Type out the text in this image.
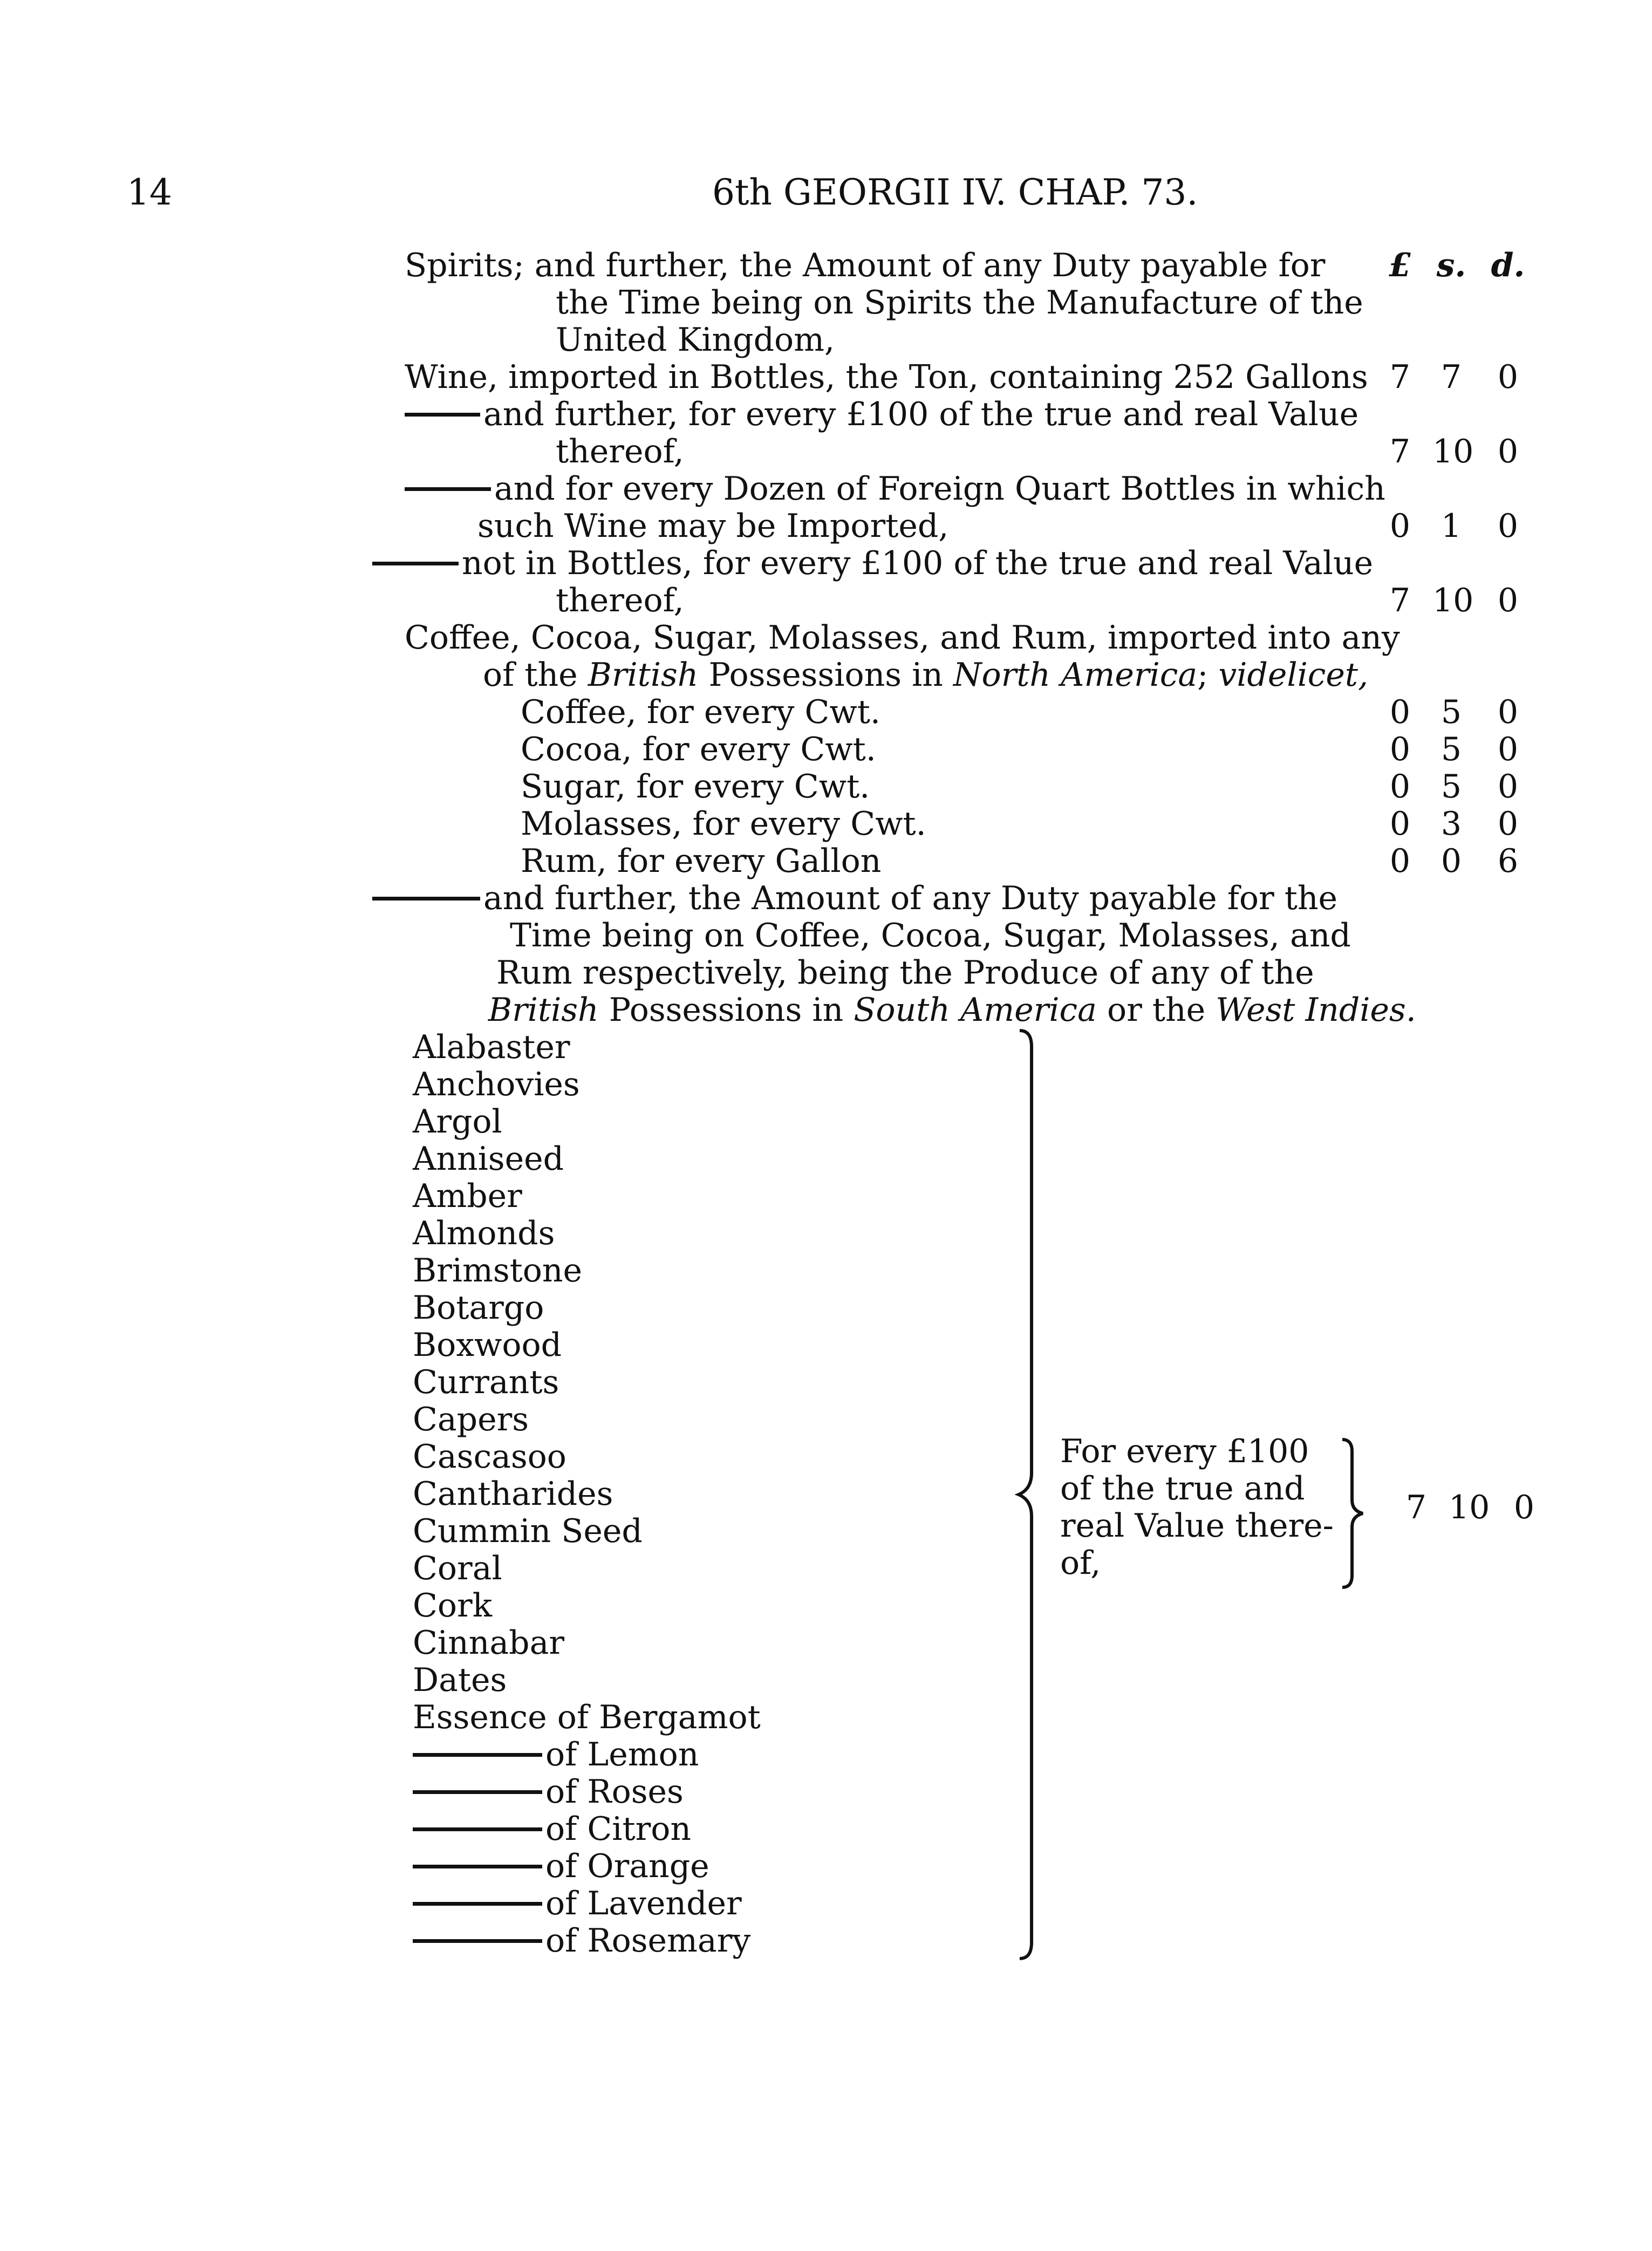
14	6th GEORGII IV. CHAP. 73.
£ s. d.
Spirits; and further, the Amount of any Duty payable for
the Time being on Spirits the Manufacture of the
United Kingdom,
Wine, imported in Bottles, the Ton, containing 252 Gallons 7 7 0
and further, for every £100 of the true and real Value
thereof,	7 10 0
and for every Dozen of Foreign Quart Bottles in which
such Wine may be Imported,	0 1 0
not in Bottles, for every £100 of the true and real Value
thereof,	7 10 0
Coffee, Cocoa, Sugar, Molasses, and Rum, imported into any
of the British Possessions in North America; videlicet,
Coffee, for every Cwt.	0 5 0
Cocoa, for every Cwt.	0 5 0
Sugar, for every Cwt.	0 5 0
Molasses, for every Cwt.	0 3 0
Rum, for every Gallon	0 0 6
and further, the Amount of any Duty payable for the
Time being on Coffee, Cocoa, Sugar, Molasses, and
Rum respectively, being the Produce of any of the
British Possessions in South America or the West Indies.
Alabaster
Anchovies
Argol
Anniseed
Amber
Almonds
Brimstone
Botargo
Boxwood
Currants
Capers
Cascasoo
Cantharides
Cummin Seed
Coral
Cork
Cinnabar
Dates
Essence of Bergamot
of Lemon
of Roses
of Citron
of Orange
of Lavender
of Rosemary
For every £100
of the true and
real Value there-
of,
7 10 0
